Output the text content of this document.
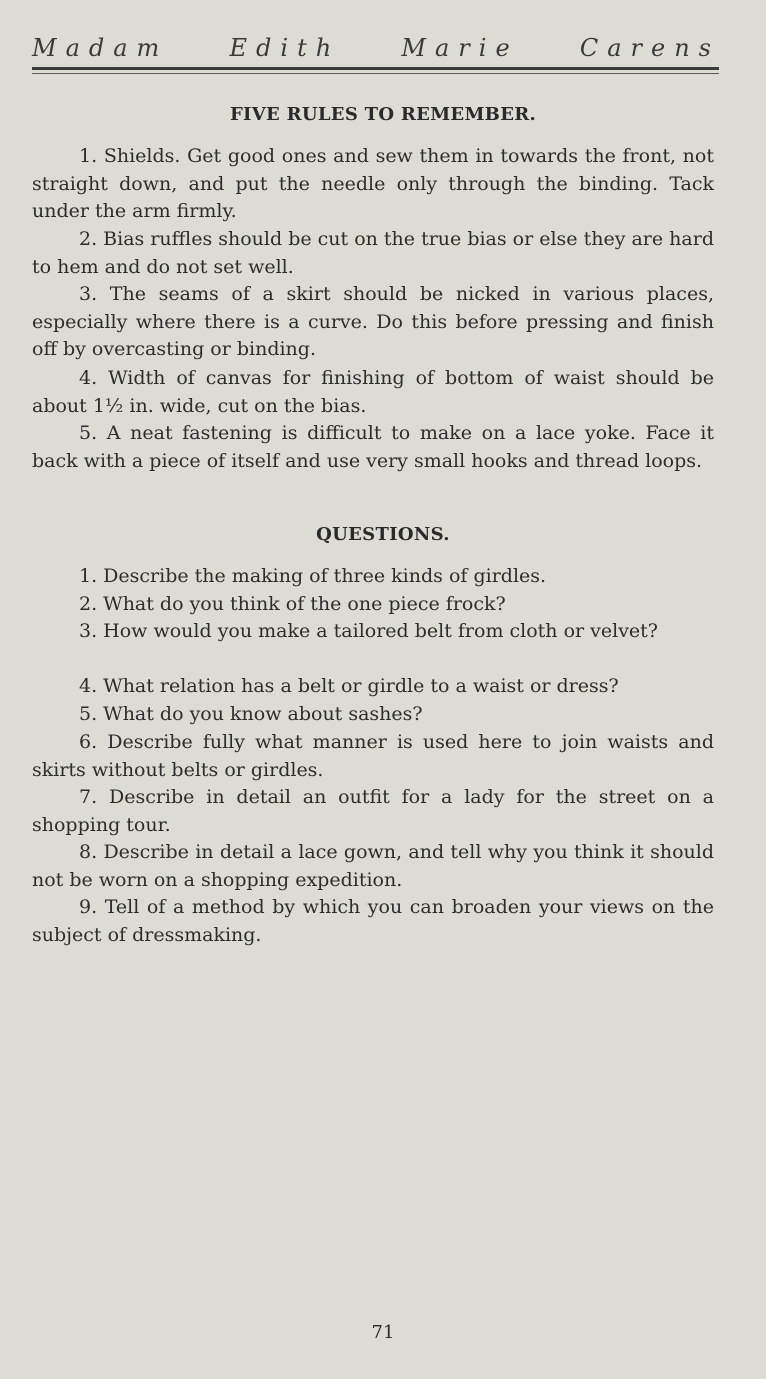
Madam	Edith	Marie	Carens
FIVE RULES TO REMEMBER.

1. Shields. Get good ones and sew them in towards the front, not straight down, and put the needle only through the binding. Tack under the arm firmly.

2. Bias ruffles should be cut on the true bias or else they are hard to hem and do not set well.

3. The seams of a skirt should be nicked in various places, especially where there is a curve. Do this before pressing and finish off by overcasting or binding.

4. Width of canvas for finishing of bottom of waist should be about 1½ in. wide, cut on the bias.

5. A neat fastening is difficult to make on a lace yoke. Face it back with a piece of itself and use very small hooks and thread loops.

QUESTIONS.

1. Describe the making of three kinds of girdles.

2. What do you think of the one piece frock?

3. How would you make a tailored belt from cloth or velvet?

4. What relation has a belt or girdle to a waist or dress?

5. What do you know about sashes?

6. Describe fully what manner is used here to join waists and skirts without belts or girdles.

7. Describe in detail an outfit for a lady for the street on a shopping tour.

8. Describe in detail a lace gown, and tell why you think it should not be worn on a shopping expedition.

9. Tell of a method by which you can broaden your views on the subject of dressmaking.

71
